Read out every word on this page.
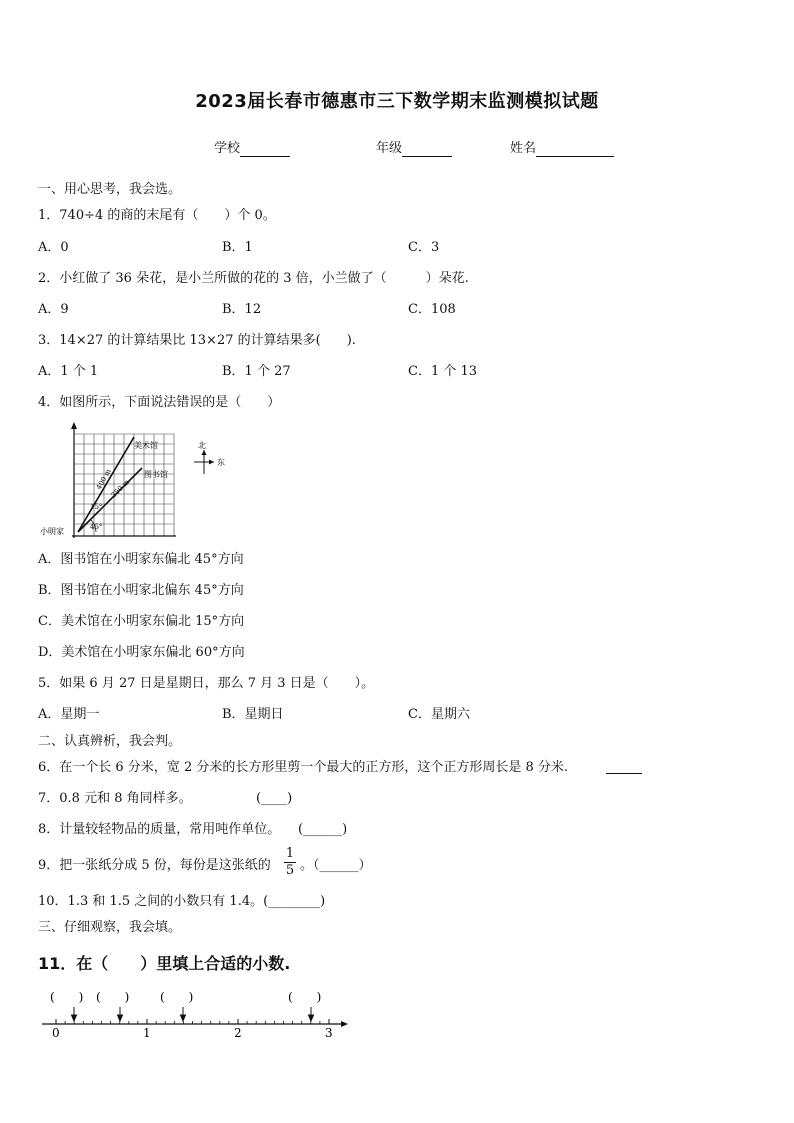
2023届长春市德惠市三下数学期末监测模拟试题
学校	年级	姓名
一、用心思考，我会选。
1．740÷4 的商的末尾有（　　）个 0。
A．0	B．1	C．3
2．小红做了 36 朵花，是小兰所做的花的 3 倍，小兰做了（　　　）朵花.
A．9	B．12	C．108
3．14×27 的计算结果比 13×27 的计算结果多(　　).
A．1 个 1	B．1 个 27	C．1 个 13
4．如图所示，下面说法错误的是（　　）
美术馆
图书馆
小明家
400 m
350 m
15°
45°
北
东
A．图书馆在小明家东偏北 45°方向
B．图书馆在小明家北偏东 45°方向
C．美术馆在小明家东偏北 15°方向
D．美术馆在小明家东偏北 60°方向
5．如果 6 月 27 日是星期日，那么 7 月 3 日是（　　）。
A．星期一	B．星期日	C．星期六
二、认真辨析，我会判。
6．在一个长 6 分米，宽 2 分米的长方形里剪一个最大的正方形，这个正方形周长是 8 分米.
7．0.8 元和 8 角同样多。	(____)
8．计量较轻物品的质量，常用吨作单位。 (______)
9．把一张纸分成 5 份，每份是这张纸的
1
5 。（______）
10．1.3 和 1.5 之间的小数只有 1.4。(________)
三、仔细观察，我会填。
11．在（　　）里填上合适的小数.
(　　) (　　)	(　　)	(　　)
0	1	2	3
